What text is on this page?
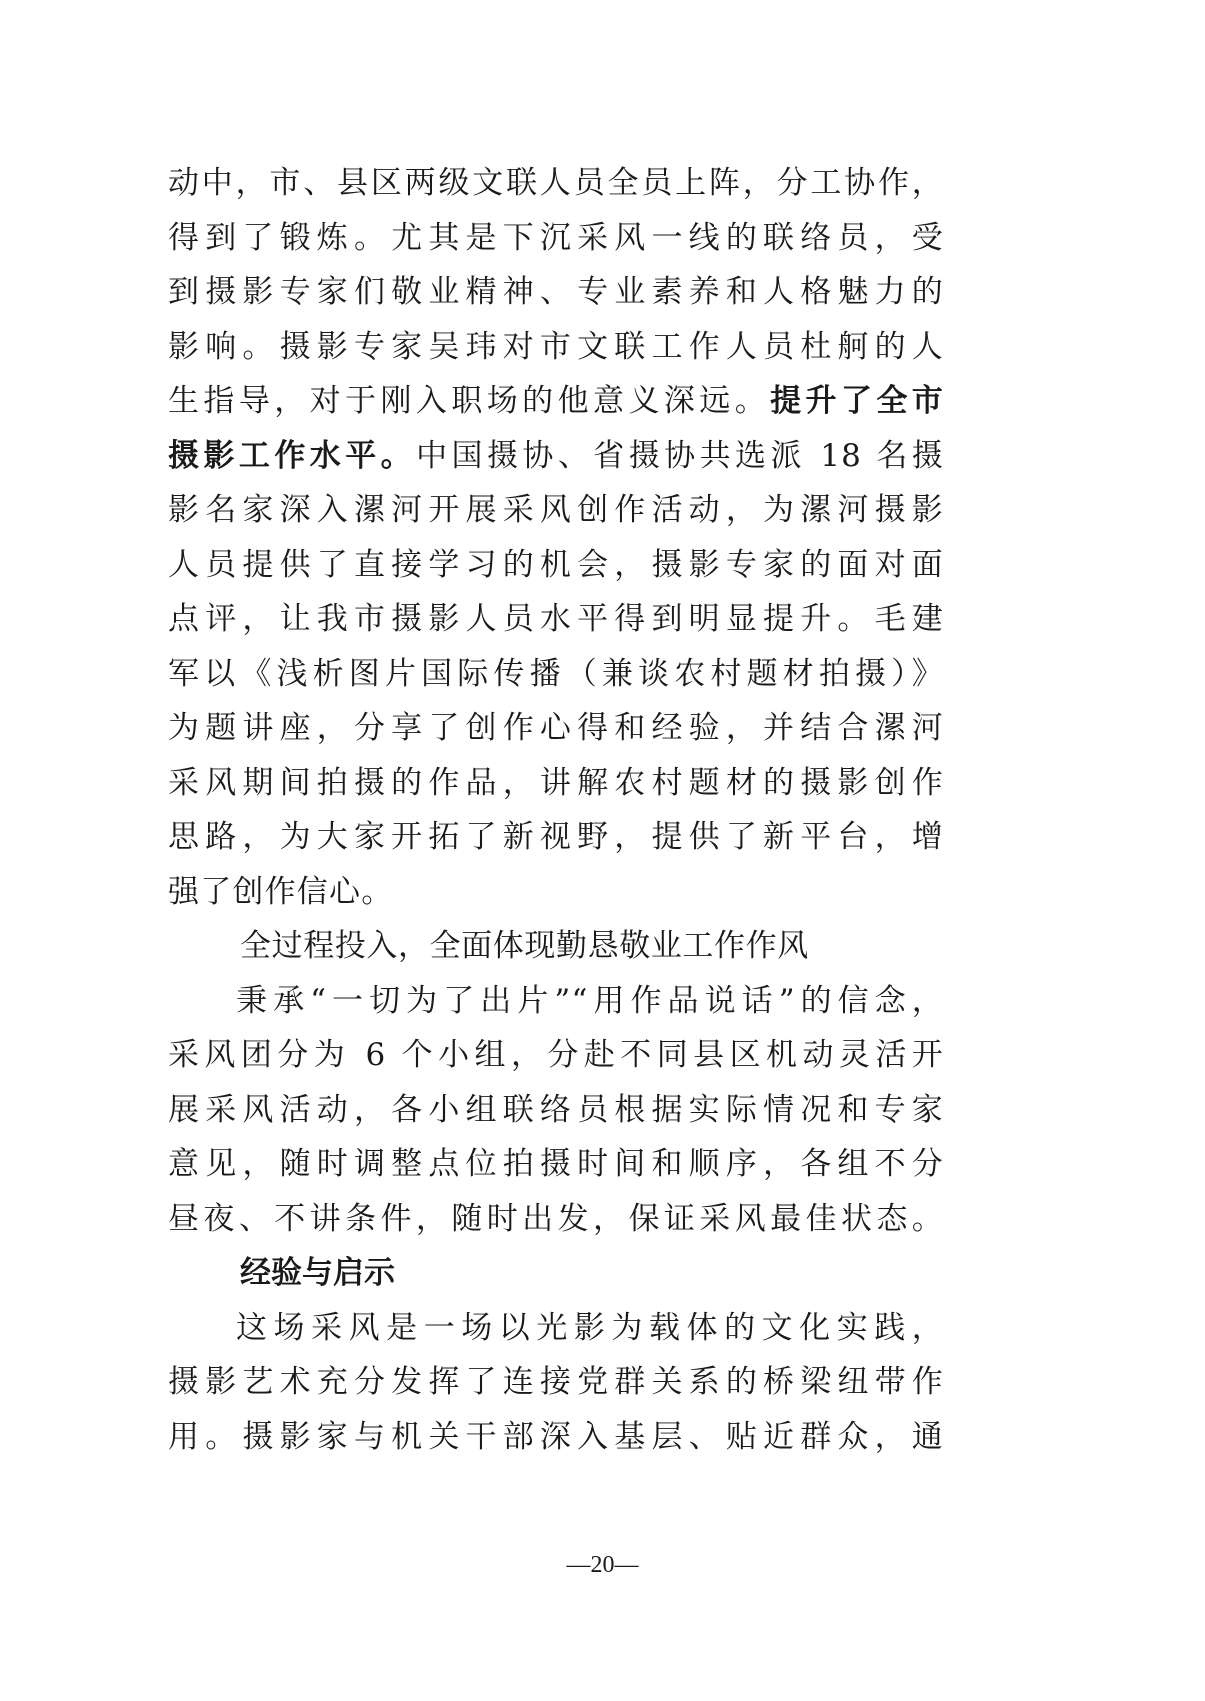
动中，市、县区两级文联人员全员上阵，分工协作，
得到了锻炼。尤其是下沉采风一线的联络员，受
到摄影专家们敬业精神、专业素养和人格魅力的
影响。摄影专家吴玮对市文联工作人员杜舸的人
生指导，对于刚入职场的他意义深远。提升了全市
摄影工作水平。中国摄协、省摄协共选派 18 名摄
影名家深入漯河开展采风创作活动，为漯河摄影
人员提供了直接学习的机会，摄影专家的面对面
点评，让我市摄影人员水平得到明显提升。毛建
军以《浅析图片国际传播（兼谈农村题材拍摄）》
为题讲座，分享了创作心得和经验，并结合漯河
采风期间拍摄的作品，讲解农村题材的摄影创作
思路，为大家开拓了新视野，提供了新平台，增
强了创作信心。
全过程投入，全面体现勤恳敬业工作作风
秉承“一切为了出片”“用作品说话”的信念，
采风团分为 6 个小组，分赴不同县区机动灵活开
展采风活动，各小组联络员根据实际情况和专家
意见，随时调整点位拍摄时间和顺序，各组不分
昼夜、不讲条件，随时出发，保证采风最佳状态。
经验与启示
这场采风是一场以光影为载体的文化实践，
摄影艺术充分发挥了连接党群关系的桥梁纽带作
用。摄影家与机关干部深入基层、贴近群众，通
—20—
